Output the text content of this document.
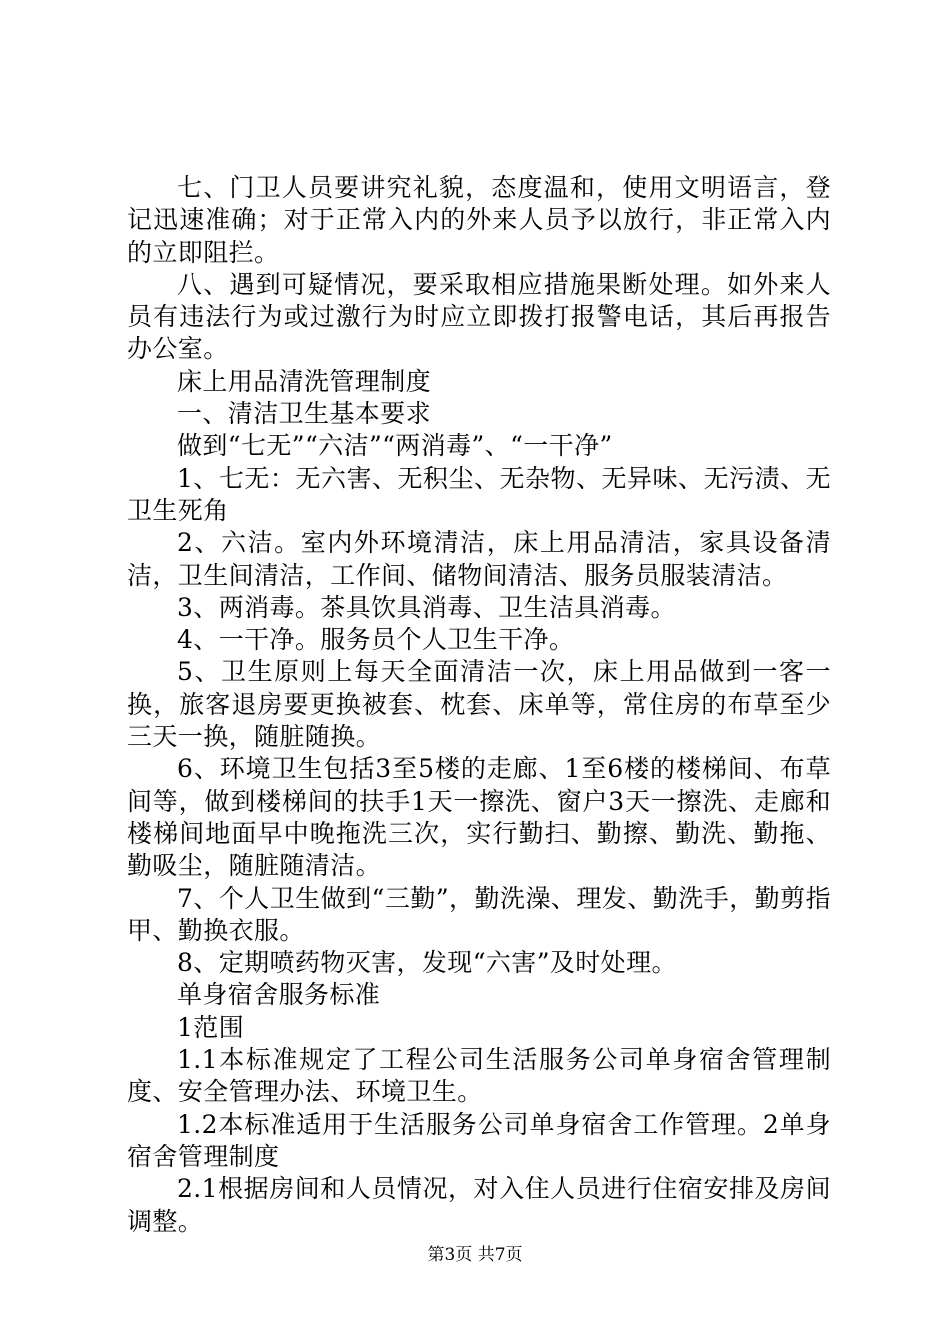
七、门卫人员要讲究礼貌，态度温和，使用文明语言，登记迅速准确；对于正常入内的外来人员予以放行，非正常入内的立即阻拦。

八、遇到可疑情况，要采取相应措施果断处理。如外来人员有违法行为或过激行为时应立即拨打报警电话，其后再报告办公室。

床上用品清洗管理制度

一、清洁卫生基本要求

做到“七无”“六洁”“两消毒”、“一干净”

1、七无：无六害、无积尘、无杂物、无异味、无污渍、无卫生死角

2、六洁。室内外环境清洁，床上用品清洁，家具设备清洁，卫生间清洁，工作间、储物间清洁、服务员服装清洁。

3、两消毒。茶具饮具消毒、卫生洁具消毒。

4、一干净。服务员个人卫生干净。

5、卫生原则上每天全面清洁一次，床上用品做到一客一换，旅客退房要更换被套、枕套、床单等，常住房的布草至少三天一换，随脏随换。

6、环境卫生包括3至5楼的走廊、1至6楼的楼梯间、布草间等，做到楼梯间的扶手1天一擦洗、窗户3天一擦洗、走廊和楼梯间地面早中晚拖洗三次，实行勤扫、勤擦、勤洗、勤拖、勤吸尘，随脏随清洁。

7、个人卫生做到“三勤”，勤洗澡、理发、勤洗手，勤剪指甲、勤换衣服。

8、定期喷药物灭害，发现“六害”及时处理。

单身宿舍服务标准

1范围

1.1本标准规定了工程公司生活服务公司单身宿舍管理制度、安全管理办法、环境卫生。

1.2本标准适用于生活服务公司单身宿舍工作管理。2单身宿舍管理制度

2.1根据房间和人员情况，对入住人员进行住宿安排及房间调整。

第3页 共7页
